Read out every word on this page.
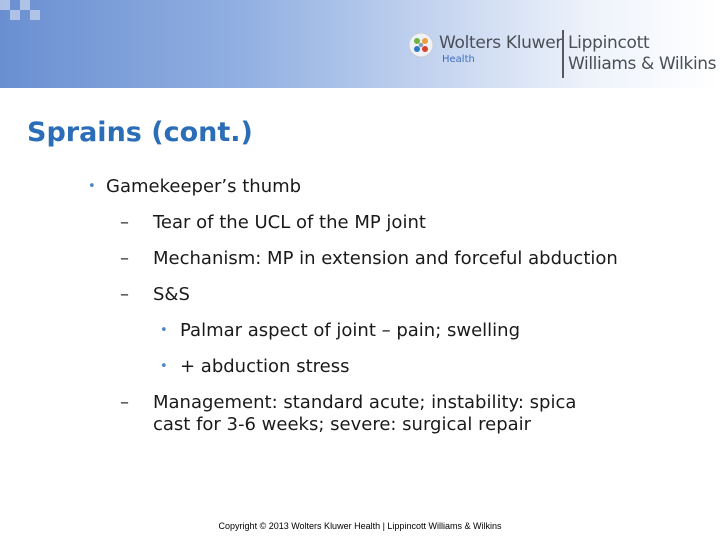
Wolters Kluwer
Health
Lippincott
Williams & Wilkins
Sprains (cont.)
• Gamekeeper’s thumb
– Tear of the UCL of the MP joint
– Mechanism: MP in extension and forceful abduction
– S&S
• Palmar aspect of joint – pain; swelling
• + abduction stress
– Management: standard acute; instability: spica
cast for 3-6 weeks; severe: surgical repair
Copyright © 2013 Wolters Kluwer Health | Lippincott Williams & Wilkins
